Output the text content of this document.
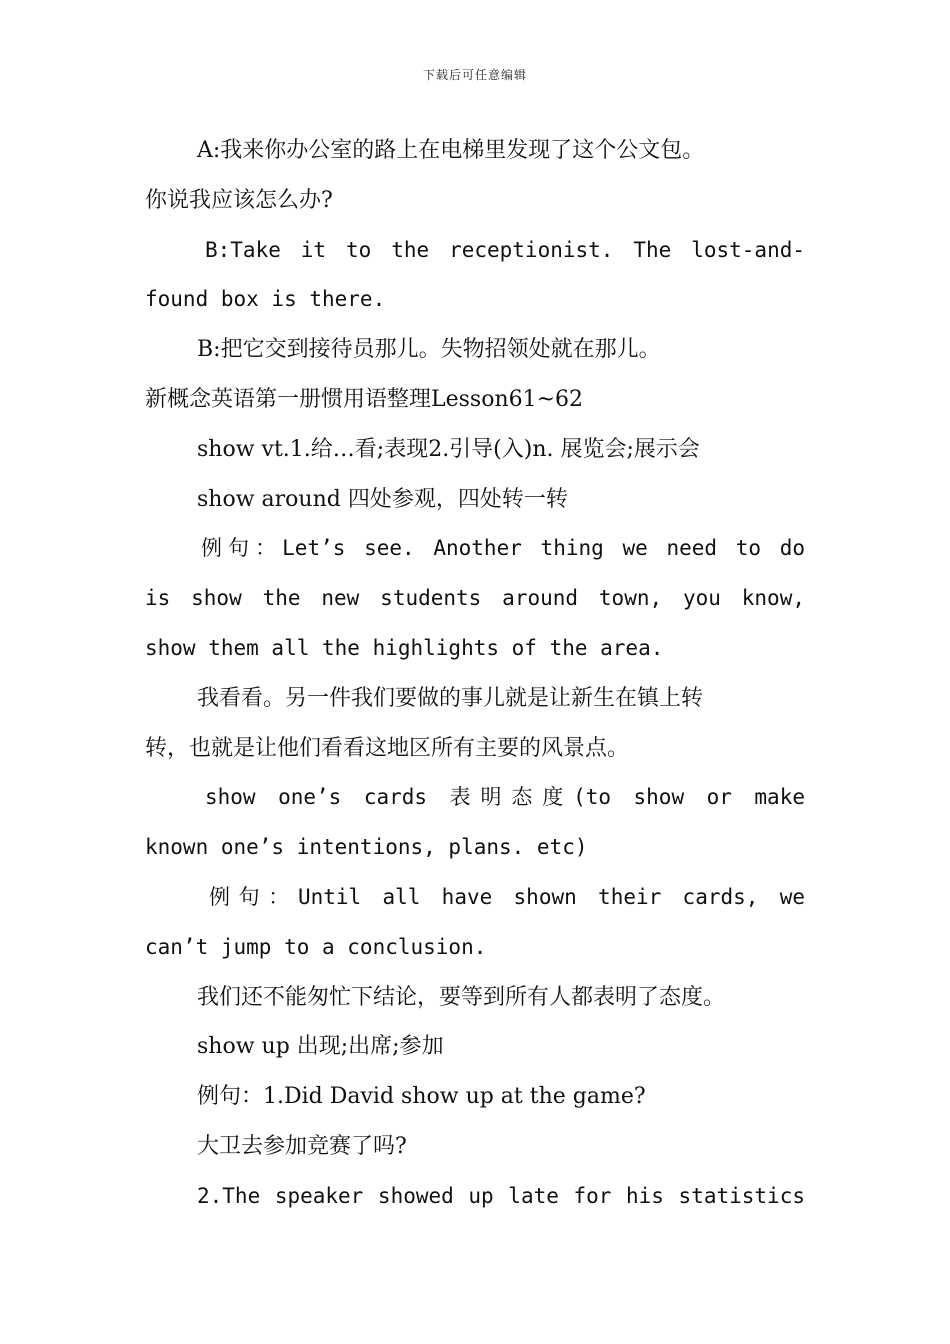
下载后可任意编辑
A:我来你办公室的路上在电梯里发现了这个公文包。
你说我应该怎么办?
B:Take it to the receptionist. The lost-and-
found box is there.
B:把它交到接待员那儿。失物招领处就在那儿。
新概念英语第一册惯用语整理Lesson61~62
show vt.1.给…看;表现2.引导(入)n. 展览会;展示会
show around 四处参观，四处转一转
例句：Let’s see. Another thing we need to do
is show the new students around town, you know,
show them all the highlights of the area.
我看看。另一件我们要做的事儿就是让新生在镇上转
转，也就是让他们看看这地区所有主要的风景点。
show one’s cards 表明态度(to show or make
known one’s intentions, plans. etc)
例句：Until all have shown their cards, we
can’t jump to a conclusion.
我们还不能匆忙下结论，要等到所有人都表明了态度。
show up 出现;出席;参加
例句：1.Did David show up at the game?
大卫去参加竞赛了吗?
2.The speaker showed up late for his statistics
